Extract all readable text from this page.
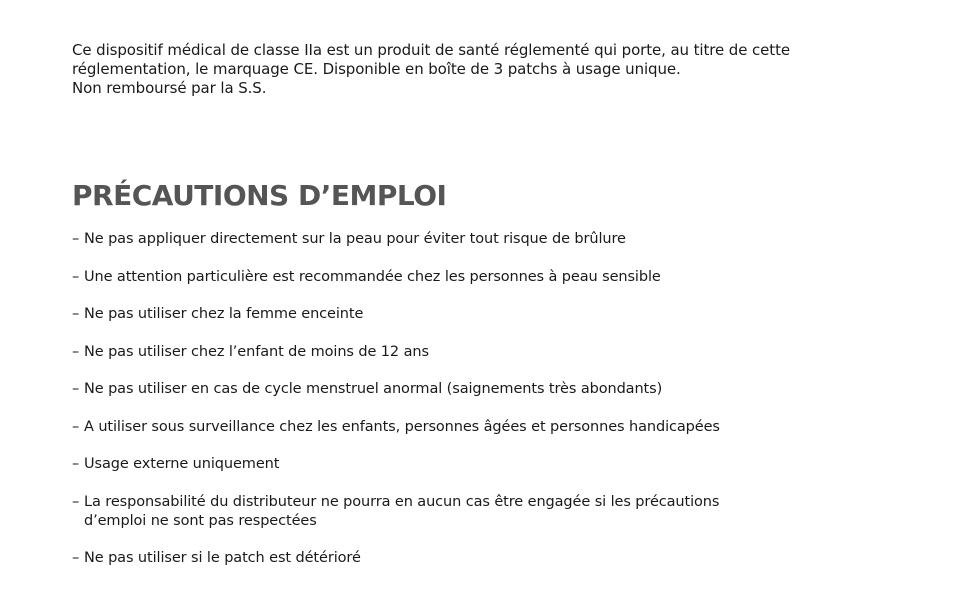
Ce dispositif médical de classe IIa est un produit de santé réglementé qui porte, au titre de cette
réglementation, le marquage CE. Disponible en boîte de 3 patchs à usage unique.
Non remboursé par la S.S.
PRÉCAUTIONS D’EMPLOI
– Ne pas appliquer directement sur la peau pour éviter tout risque de brûlure
– Une attention particulière est recommandée chez les personnes à peau sensible
– Ne pas utiliser chez la femme enceinte
– Ne pas utiliser chez l’enfant de moins de 12 ans
– Ne pas utiliser en cas de cycle menstruel anormal (saignements très abondants)
– A utiliser sous surveillance chez les enfants, personnes âgées et personnes handicapées
– Usage externe uniquement
– La responsabilité du distributeur ne pourra en aucun cas être engagée si les précautions
d’emploi ne sont pas respectées
– Ne pas utiliser si le patch est détérioré
